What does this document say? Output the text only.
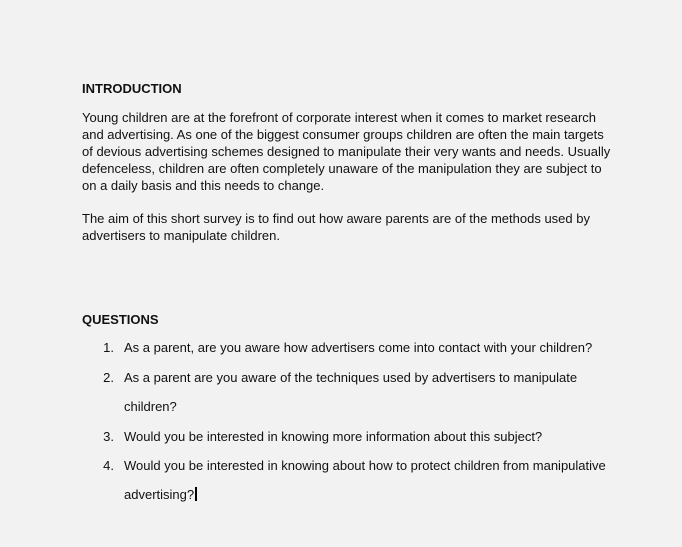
INTRODUCTION
Young children are at the forefront of corporate interest when it comes to market research
and advertising. As one of the biggest consumer groups children are often the main targets
of devious advertising schemes designed to manipulate their very wants and needs. Usually
defenceless, children are often completely unaware of the manipulation they are subject to
on a daily basis and this needs to change.
The aim of this short survey is to find out how aware parents are of the methods used by
advertisers to manipulate children.
QUESTIONS
1. As a parent, are you aware how advertisers come into contact with your children?
2. As a parent are you aware of the techniques used by advertisers to manipulate
children?
3. Would you be interested in knowing more information about this subject?
4. Would you be interested in knowing about how to protect children from manipulative
advertising?
